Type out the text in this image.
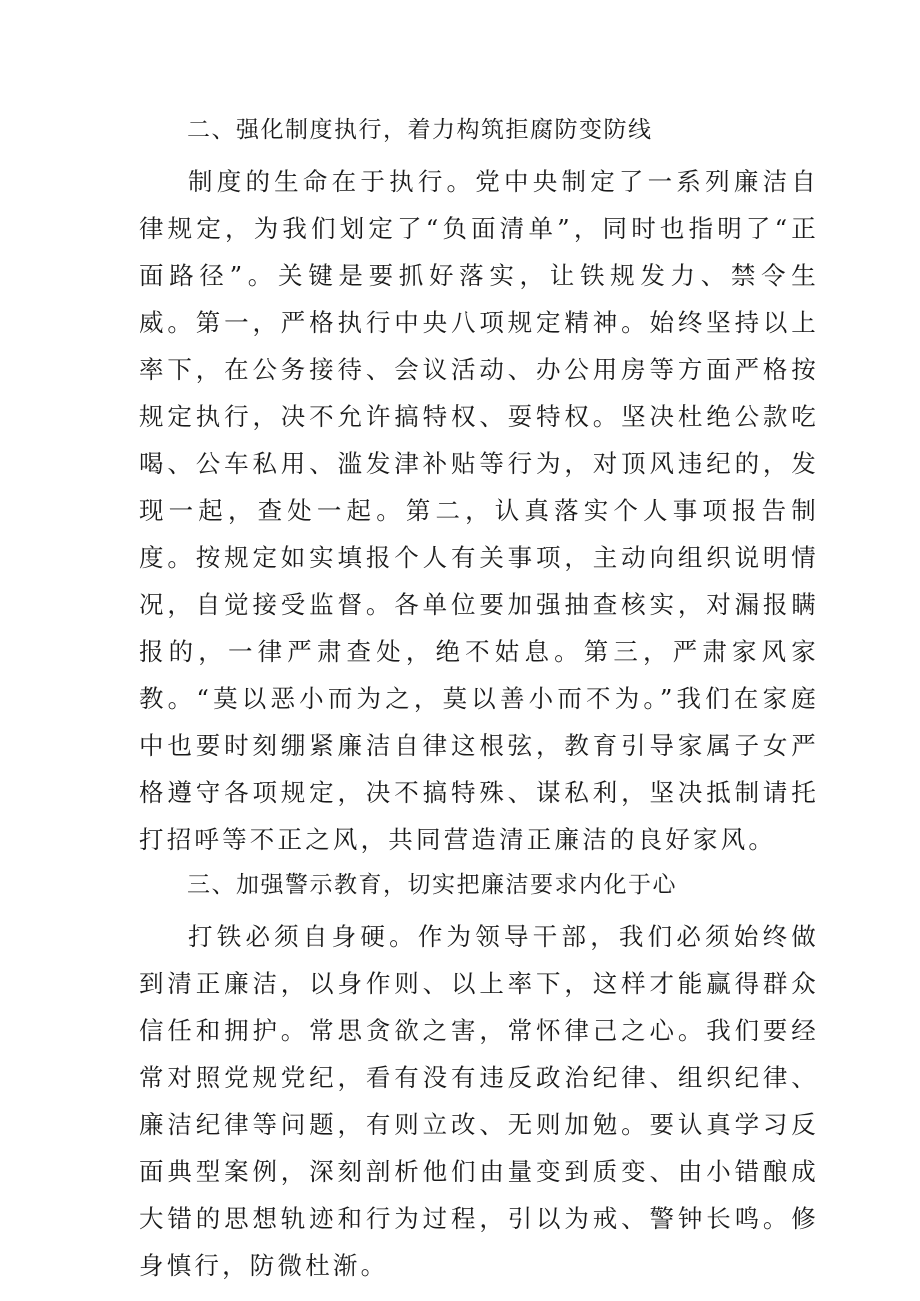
二、强化制度执行，着力构筑拒腐防变防线

制度的生命在于执行。党中央制定了一系列廉洁自律规定，为我们划定了“负面清单”，同时也指明了“正面路径”。关键是要抓好落实，让铁规发力、禁令生威。第一，严格执行中央八项规定精神。始终坚持以上率下，在公务接待、会议活动、办公用房等方面严格按规定执行，决不允许搞特权、耍特权。坚决杜绝公款吃喝、公车私用、滥发津补贴等行为，对顶风违纪的，发现一起，查处一起。第二，认真落实个人事项报告制度。按规定如实填报个人有关事项，主动向组织说明情况，自觉接受监督。各单位要加强抽查核实，对漏报瞒报的，一律严肃查处，绝不姑息。第三，严肃家风家教。“莫以恶小而为之，莫以善小而不为。”我们在家庭中也要时刻绷紧廉洁自律这根弦，教育引导家属子女严格遵守各项规定，决不搞特殊、谋私利，坚决抵制请托打招呼等不正之风，共同营造清正廉洁的良好家风。

三、加强警示教育，切实把廉洁要求内化于心

打铁必须自身硬。作为领导干部，我们必须始终做到清正廉洁，以身作则、以上率下，这样才能赢得群众信任和拥护。常思贪欲之害，常怀律己之心。我们要经常对照党规党纪，看有没有违反政治纪律、组织纪律、廉洁纪律等问题，有则立改、无则加勉。要认真学习反面典型案例，深刻剖析他们由量变到质变、由小错酿成大错的思想轨迹和行为过程，引以为戒、警钟长鸣。修身慎行，防微杜渐。
